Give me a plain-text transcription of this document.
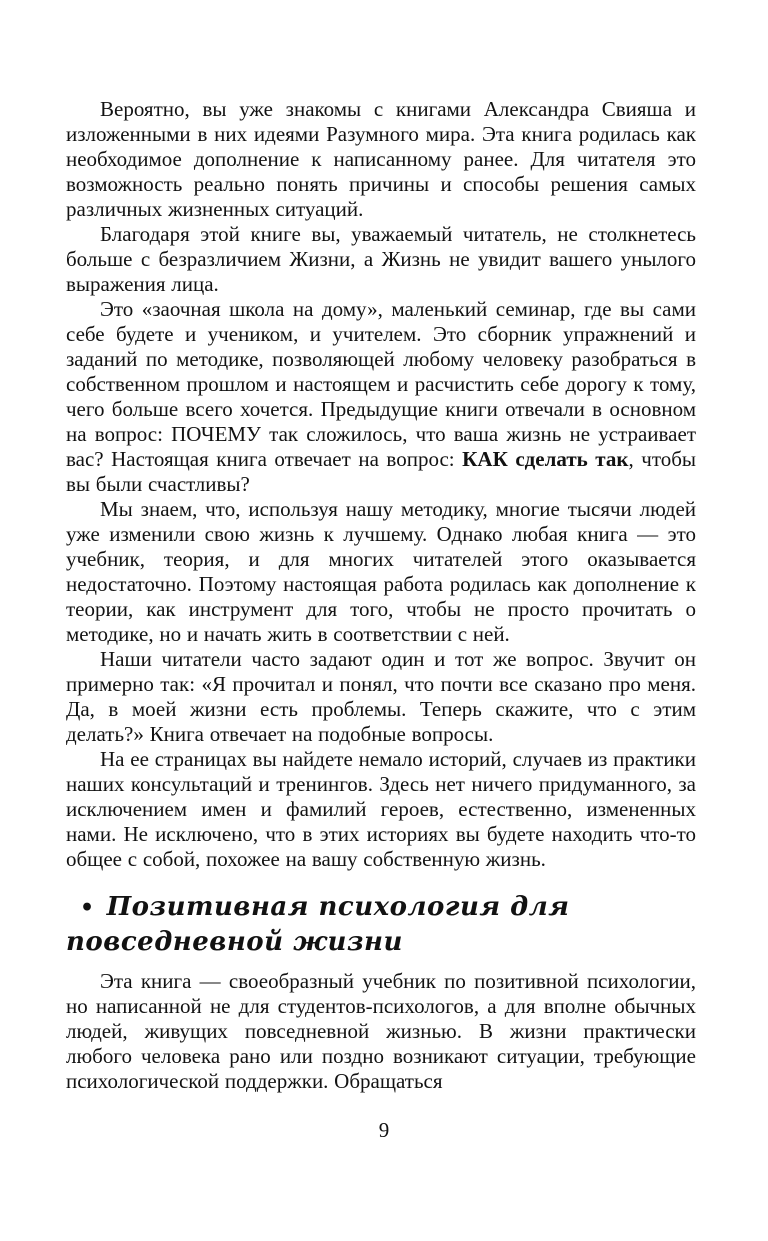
Вероятно, вы уже знакомы с книгами Александра Свияша и изложенными в них идеями Разумного мира. Эта книга родилась как необходимое дополнение к написанному ранее. Для читателя это возможность реально понять причины и способы решения самых различных жизненных ситуаций.

Благодаря этой книге вы, уважаемый читатель, не столкнетесь больше с безразличием Жизни, а Жизнь не увидит вашего унылого выражения лица.

Это «заочная школа на дому», маленький семинар, где вы сами себе будете и учеником, и учителем. Это сборник упражнений и заданий по методике, позволяющей любому человеку разобраться в собственном прошлом и настоящем и расчистить себе дорогу к тому, чего больше всего хочется. Предыдущие книги отвечали в основном на вопрос: ПОЧЕМУ так сложилось, что ваша жизнь не устраивает вас? Настоящая книга отвечает на вопрос: КАК сделать так, чтобы вы были счастливы?

Мы знаем, что, используя нашу методику, многие тысячи людей уже изменили свою жизнь к лучшему. Однако любая книга — это учебник, теория, и для многих читателей этого оказывается недостаточно. Поэтому настоящая работа родилась как дополнение к теории, как инструмент для того, чтобы не просто прочитать о методике, но и начать жить в соответствии с ней.

Наши читатели часто задают один и тот же вопрос. Звучит он примерно так: «Я прочитал и понял, что почти все сказано про меня. Да, в моей жизни есть проблемы. Теперь скажите, что с этим делать?» Книга отвечает на подобные вопросы.

На ее страницах вы найдете немало историй, случаев из практики наших консультаций и тренингов. Здесь нет ничего придуманного, за исключением имен и фамилий героев, естественно, измененных нами. Не исключено, что в этих историях вы будете находить что-то общее с собой, похожее на вашу собственную жизнь.

• Позитивная психология для повседневной жизни

Эта книга — своеобразный учебник по позитивной психологии, но написанной не для студентов-психологов, а для вполне обычных людей, живущих повседневной жизнью. В жизни практически любого человека рано или поздно возникают ситуации, требующие психологической поддержки. Обращаться

9
